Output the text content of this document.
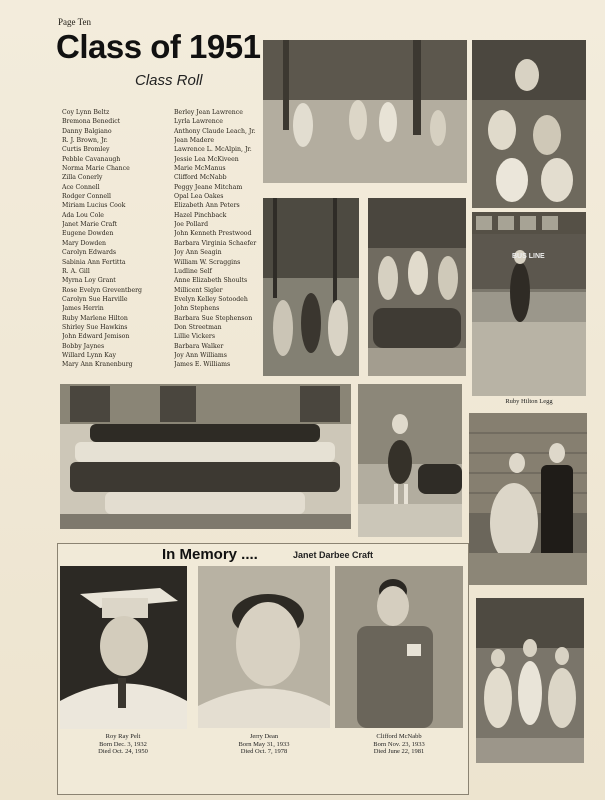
Page Ten
Class of 1951
Class Roll
Coy Lynn Beltz
Bremona Benedict
Danny Balgiano
R. J. Brown, Jr.
Curtis Bromley
Pebble Cavanaugh
Norma Marie Chance
Zilla Conerly
Ace Connell
Rodger Connell
Miriam Lucius Cook
Ada Lou Cole
Janet Marie Craft
Eugene Dowden
Mary Dowden
Carolyn Edwards
Sabinia Ann Fertitta
R. A. Gill
Myrna Loy Grant
Rose Evelyn Greventberg
Carolyn Sue Harville
James Herrin
Ruby Marlene Hilton
Shirley Sue Hawkins
John Edward Jemison
Bobby Jaynes
Willard Lynn Kay
Mary Ann Kranenburg
Berley Jean Lawrence
Lyrla Lawrence
Anthony Claude Leach, Jr.
Jean Madere
Lawrence L. McAlpin, Jr.
Jessie Lea McKiveen
Marie McManus
Clifford McNabb
Peggy Jeane Mitcham
Opal Lea Oakes
Elizabeth Ann Peters
Hazel Pinchback
Joe Pollard
John Kenneth Prestwood
Barbara Virginia Schaefer
Joy Ann Seagin
William W. Scraggins
Ludline Self
Anne Elizabeth Shoults
Millicent Sigler
Evelyn Kelley Sotoodeh
John Stephens
Barbara Sue Stephenson
Don Streetman
Lillie Vickers
Barbara Walker
Joy Ann Williams
James E. Williams
BUS LINE
Ruby Hilton Legg
In Memory ....	Janet Darbee Craft
Roy Ray Pelt
Born Dec. 3, 1932
Died Oct. 24, 1950
Jerry Dean
Born May 31, 1933
Died Oct. 7, 1978
Clifford McNabb
Born Nov. 23, 1933
Died June 22, 1981
